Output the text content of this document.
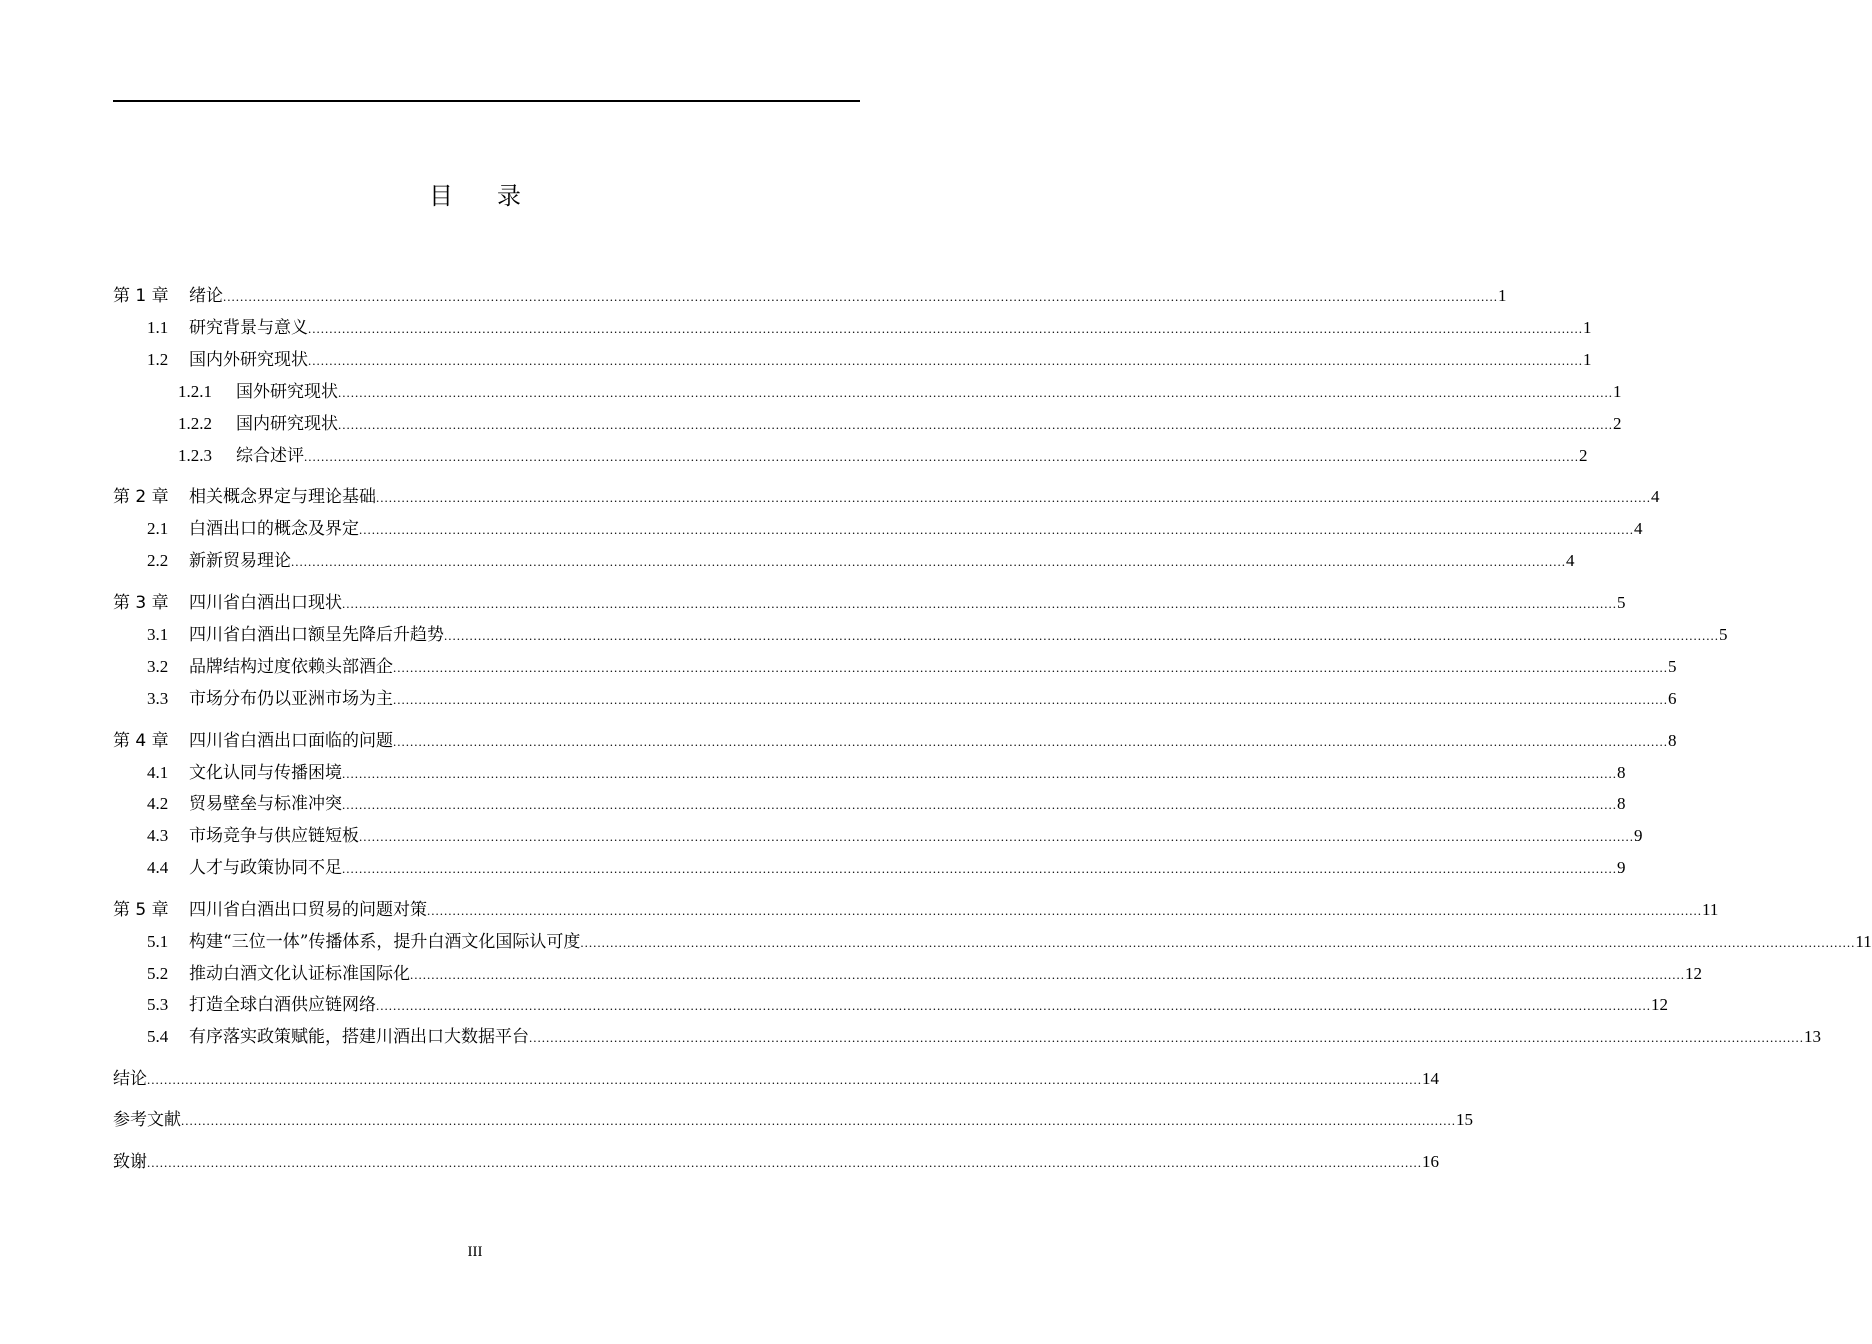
目 录
第 1 章	绪论 ............................................................................................................................................................................................................................................................................................................ 1
1.1	研究背景与意义 ............................................................................................................................................................................................................................................................................................................ 1
1.2	国内外研究现状 ............................................................................................................................................................................................................................................................................................................ 1
1.2.1	国外研究现状 ............................................................................................................................................................................................................................................................................................................ 1
1.2.2	国内研究现状 ............................................................................................................................................................................................................................................................................................................ 2
1.2.3	综合述评 ............................................................................................................................................................................................................................................................................................................ 2
第 2 章	相关概念界定与理论基础 ............................................................................................................................................................................................................................................................................................................ 4
2.1	白酒出口的概念及界定 ............................................................................................................................................................................................................................................................................................................ 4
2.2	新新贸易理论 ............................................................................................................................................................................................................................................................................................................ 4
第 3 章	四川省白酒出口现状 ............................................................................................................................................................................................................................................................................................................ 5
3.1	四川省白酒出口额呈先降后升趋势 ............................................................................................................................................................................................................................................................................................................ 5
3.2	品牌结构过度依赖头部酒企 ............................................................................................................................................................................................................................................................................................................ 5
3.3	市场分布仍以亚洲市场为主 ............................................................................................................................................................................................................................................................................................................ 6
第 4 章	四川省白酒出口面临的问题 ............................................................................................................................................................................................................................................................................................................ 8
4.1	文化认同与传播困境 ............................................................................................................................................................................................................................................................................................................ 8
4.2	贸易壁垒与标准冲突 ............................................................................................................................................................................................................................................................................................................ 8
4.3	市场竞争与供应链短板 ............................................................................................................................................................................................................................................................................................................ 9
4.4	人才与政策协同不足 ............................................................................................................................................................................................................................................................................................................ 9
第 5 章	四川省白酒出口贸易的问题对策 ............................................................................................................................................................................................................................................................................................................ 11
5.1	构建“三位一体”传播体系，提升白酒文化国际认可度 ............................................................................................................................................................................................................................................................................................................ 11
5.2	推动白酒文化认证标准国际化 ............................................................................................................................................................................................................................................................................................................ 12
5.3	打造全球白酒供应链网络 ............................................................................................................................................................................................................................................................................................................ 12
5.4	有序落实政策赋能，搭建川酒出口大数据平台 ............................................................................................................................................................................................................................................................................................................ 13
结论 ............................................................................................................................................................................................................................................................................................................ 14
参考文献 ............................................................................................................................................................................................................................................................................................................ 15
致谢 ............................................................................................................................................................................................................................................................................................................ 16
III
